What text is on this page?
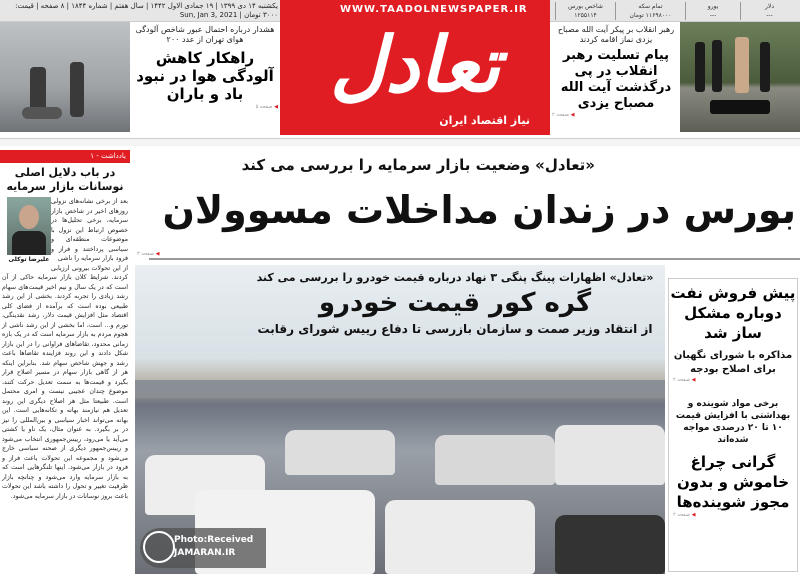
یکشنبه ۱۴ دی ۱۳۹۹ | ۱۹ جمادی الاول ۱۴۴۲ | سال هفتم | شماره ۱۸۴۴ | ۸ صفحه | قیمت: ۳۰۰۰ تومان | Sun, Jan 3, 2021
شاخص بورس
۱۲۵۵۱۱۴
تمام سکه
۱۱۶۹۸۰۰۰ تومان
یورو
---
دلار
---
هشدار درباره احتمال عبور شاخص آلودگی هوای تهران از عدد ۲۰۰
راهکار کاهش آلودگی هوا در نبود باد و باران
◀ صفحه ۵
WWW.TAADOLNEWSPAPER.IR
تعادل
نیاز اقتصاد ایران
رهبر انقلاب بر پیکر آیت الله مصباح یزدی نماز اقامه کردند
پیام تسلیت رهبر انقلاب در پی درگذشت آیت الله مصباح یزدی
◀ صفحه ۲
یادداشت - ۱
در باب دلایل اصلی نوسانات بازار سرمایه
علیرضا توکلی
بعد از برخی نشانه‌های نزولی روزهای اخیر در شاخص بازار سرمایه، برخی تحلیل‌ها در خصوص ارتباط این نزول با موضوعات منطقه‌ای و سیاسی پرداختند و فراز و فرود بازار سرمایه را ناشی
از این تحولات بیرونی ارزیابی کردند. شرایط کلان بازار سرمایه حاکی از آن است که در یک سال و نیم اخیر قیمت‌های سهام رشد زیادی را تجربه کردند. بخشی از این رشد طبیعی بوده است که برآمده از فضای کلی اقتصاد مثل افزایش قیمت دلار، رشد نقدینگی، تورم و... است، اما بخشی از این رشد ناشی از هجوم مردم به بازار سرمایه است که در یک بازه زمانی محدود، تقاضاهای فراوانی را در این بازار شکل دادند و این روند فزاینده تقاضاها باعث رشد و جهش شاخص سهام شد. بنابراین اینکه هر از گاهی بازار سهام در مسیر اصلاح قرار بگیرد و قیمت‌ها به سمت تعدیل حرکت کنند، موضوع چندان عجیبی نیست و امری محتمل است. طبیعتا مثل هر اصلاح دیگری این روند تعدیل هم نیازمند بهانه و تکانه‌هایی است. این بهانه می‌تواند اخبار سیاسی و بین‌المللی را نیز در بر بگیرد. به عنوان مثال، یک ناو یا کشتی می‌آید یا می‌رود، رییس‌جمهوری انتخاب می‌شود و رییس‌جمهور دیگری از صحنه سیاسی خارج می‌شود و مجموعه این تحولات باعث فراز و فرود در بازار می‌شود. اینها تلنگرهایی است که به بازار سرمایه وارد می‌شود و چنانچه بازار ظرفیت تغییر و تحول را داشته باشد این تحولات باعث بروز نوسانات در بازار سرمایه می‌شود.
«تعادل» وضعیت بازار سرمایه را بررسی می کند
بورس در زندان مداخلات مسوولان
◀ صفحه ۳
«تعادل» اظهارات پینگ پنگی ۳ نهاد درباره قیمت خودرو را بررسی می کند
گره کور قیمت خودرو
از انتقاد وزیر صمت و سازمان بازرسی تا دفاع رییس شورای رقابت
Photo:Received
JAMARAN.IR
پیش فروش نفت دوباره مشکل ساز شد
مذاکره با شورای نگهبان برای اصلاح بودجه
◀ صفحه ۲
برخی مواد شوینده و بهداشتی با افزایش قیمت ۱۰ تا ۲۰ درصدی مواجه شده‌اند
گرانی چراغ خاموش و بدون مجوز شوینده‌ها
◀ صفحه ۲
